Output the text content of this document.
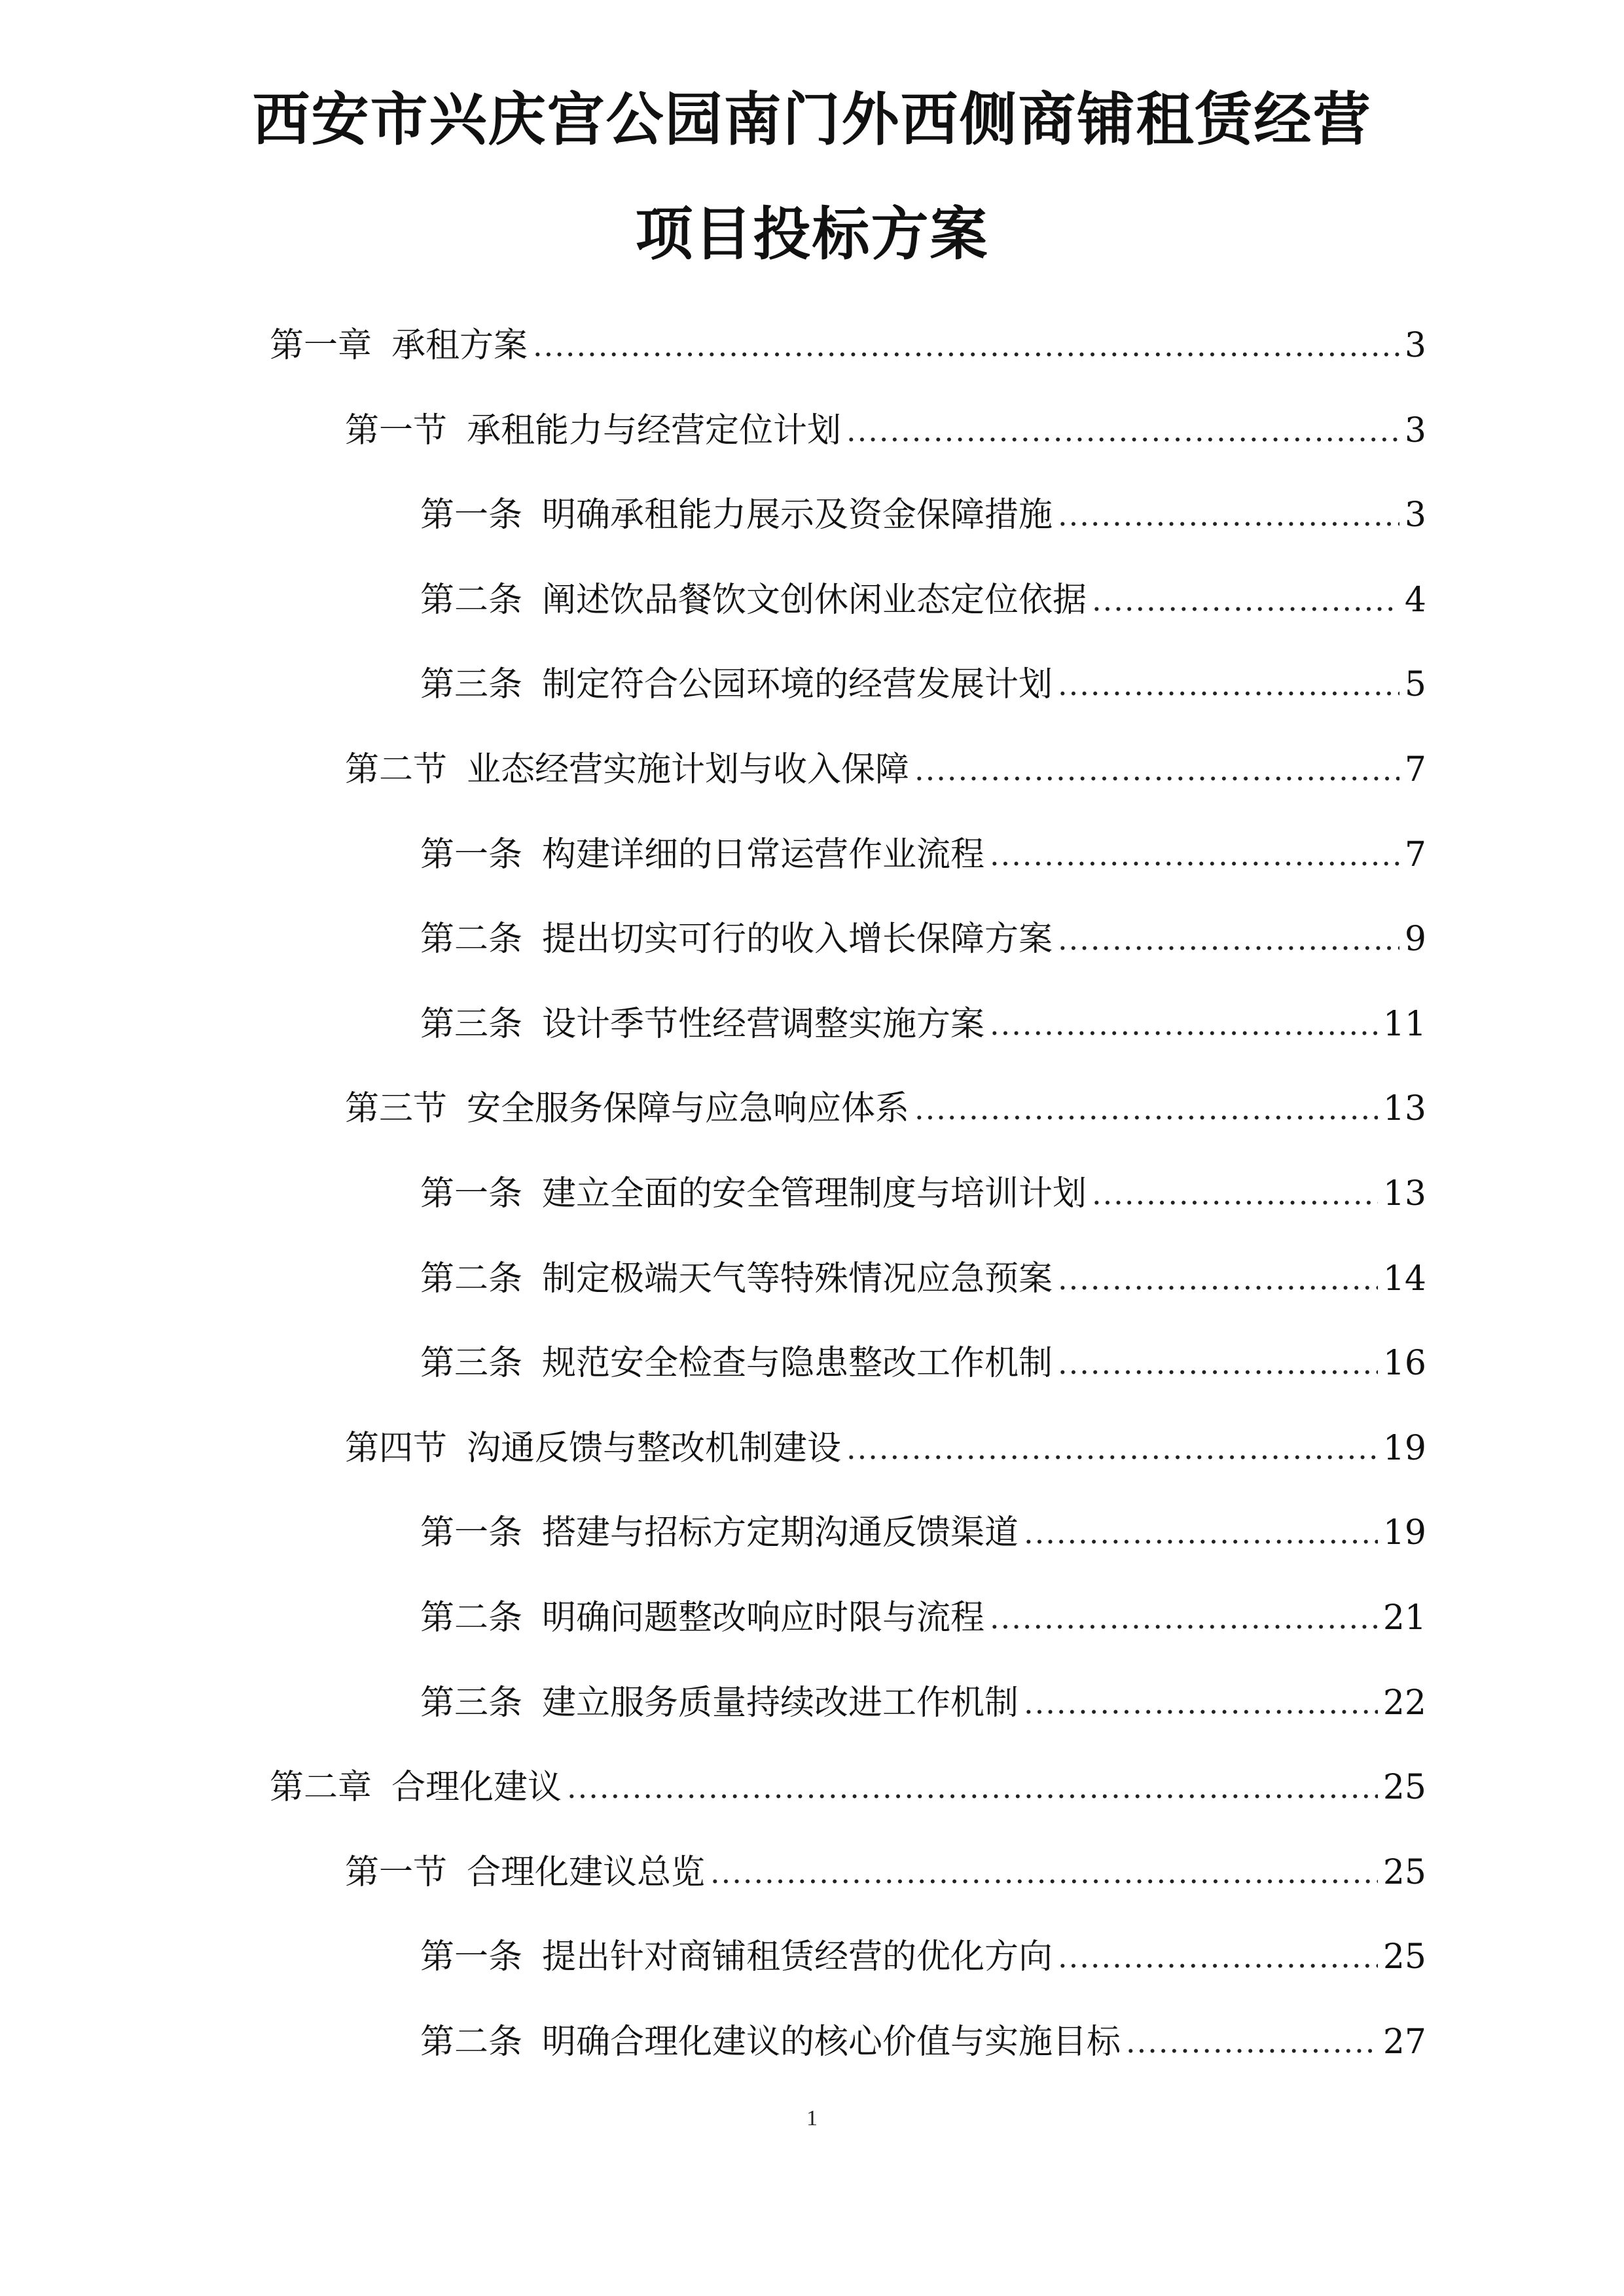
西安市兴庆宫公园南门外西侧商铺租赁经营
项目投标方案
第一章 承租方案 .....	3
第一节 承租能力与经营定位计划 .....	3
第一条 明确承租能力展示及资金保障措施 .....	3
第二条 阐述饮品餐饮文创休闲业态定位依据 .....	4
第三条 制定符合公园环境的经营发展计划 .....	5
第二节 业态经营实施计划与收入保障 .....	7
第一条 构建详细的日常运营作业流程 .....	7
第二条 提出切实可行的收入增长保障方案 .....	9
第三条 设计季节性经营调整实施方案 .....	11
第三节 安全服务保障与应急响应体系 .....	13
第一条 建立全面的安全管理制度与培训计划 .....	13
第二条 制定极端天气等特殊情况应急预案 .....	14
第三条 规范安全检查与隐患整改工作机制 .....	16
第四节 沟通反馈与整改机制建设 .....	19
第一条 搭建与招标方定期沟通反馈渠道 .....	19
第二条 明确问题整改响应时限与流程 .....	21
第三条 建立服务质量持续改进工作机制 .....	22
第二章 合理化建议 .....	25
第一节 合理化建议总览 .....	25
第一条 提出针对商铺租赁经营的优化方向 .....	25
第二条 明确合理化建议的核心价值与实施目标 .....	27
1
